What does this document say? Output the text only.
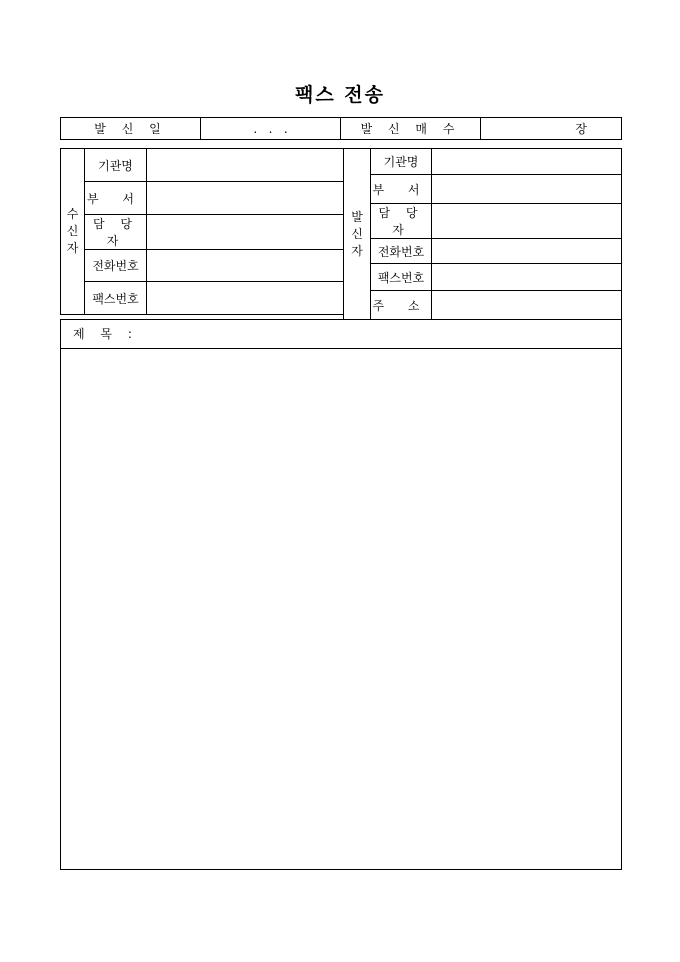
팩스 전송
발 신 일	.   .   .	발 신 매 수	장
수
신
자	기관명	
	부 서	
	담 당 자	
	전화번호	
	팩스번호	
발
신
자	기관명	
	부 서	
	담 당 자	
	전화번호	
	팩스번호	
	주 소	
제 목 :
